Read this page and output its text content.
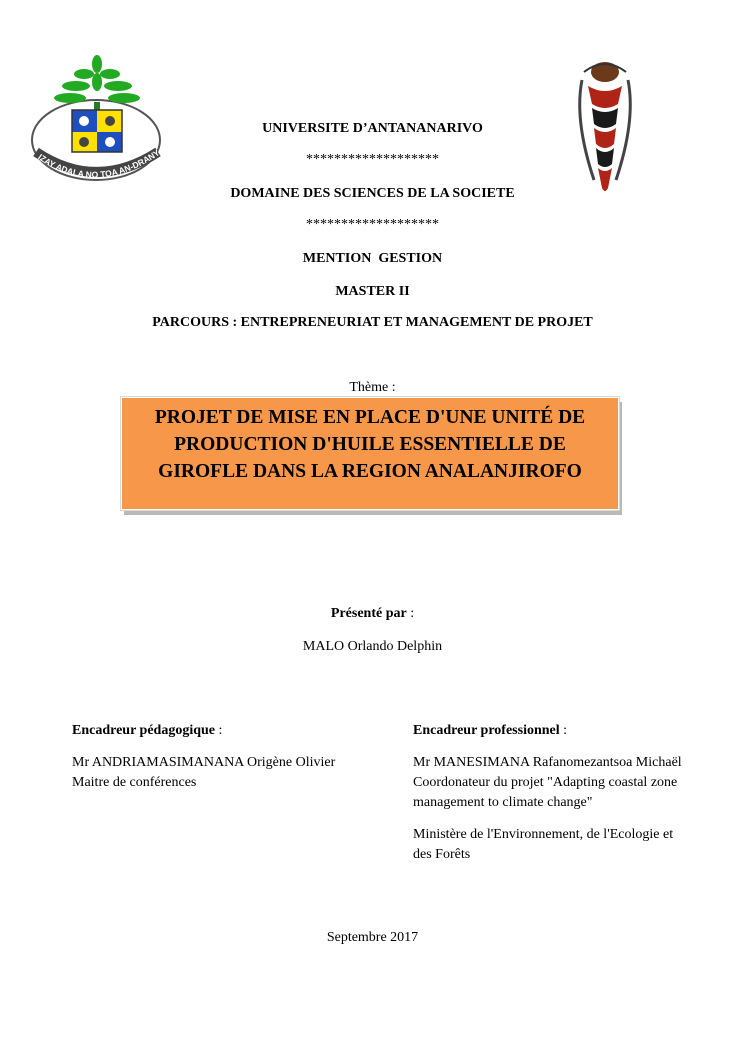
IZAY ADALA NO TOA AN-DRANY
UNIVERSITE D’ANTANANARIVO
*******************
DOMAINE DES SCIENCES DE LA SOCIETE
*******************
MENTION  GESTION
MASTER II
PARCOURS : ENTREPRENEURIAT ET MANAGEMENT DE PROJET
Thème :
PROJET DE MISE EN PLACE D'UNE UNITÉ DE PRODUCTION D'HUILE ESSENTIELLE DE GIROFLE DANS LA REGION ANALANJIROFO
Présenté par :
MALO Orlando Delphin

Encadreur pédagogique :

Mr ANDRIAMASIMANANA Origène Olivier

Maitre de conférences

Encadreur professionnel :

Mr MANESIMANA Rafanomezantsoa Michaël

Coordonateur du projet "Adapting coastal zone management to climate change"

Ministère de l'Environnement, de l'Ecologie et des Forêts

Septembre 2017
